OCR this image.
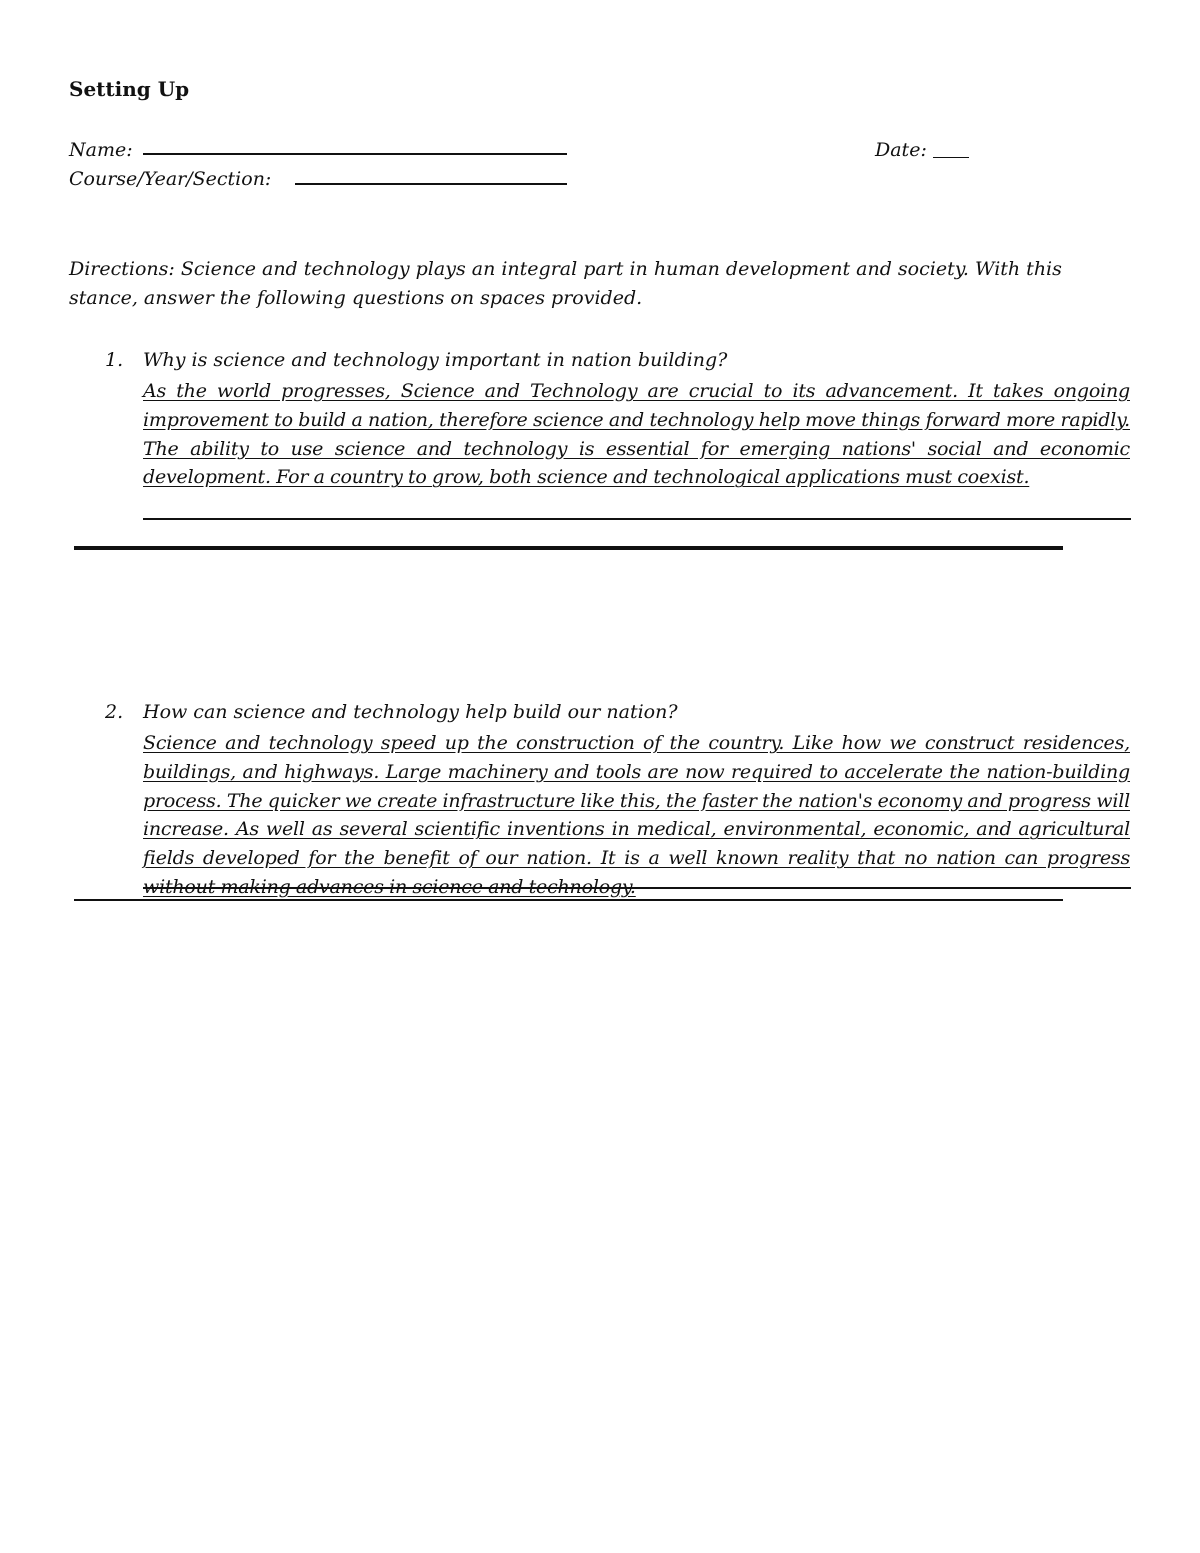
Setting Up
Name:	Date:
Course/Year/Section:
Directions: Science and technology plays an integral part in human development and society. With this stance, answer the following questions on spaces provided.
1. Why is science and technology important in nation building?
As the world progresses, Science and Technology are crucial to its advancement. It takes ongoing improvement to build a nation, therefore science and technology help move things forward more rapidly. The ability to use science and technology is essential for emerging nations' social and economic development. For a country to grow, both science and technological applications must coexist.
2. How can science and technology help build our nation?
Science and technology speed up the construction of the country. Like how we construct residences, buildings, and highways. Large machinery and tools are now required to accelerate the nation-building process. The quicker we create infrastructure like this, the faster the nation's economy and progress will increase. As well as several scientific inventions in medical, environmental, economic, and agricultural fields developed for the benefit of our nation. It is a well known reality that no nation can progress without making advances in science and technology.
